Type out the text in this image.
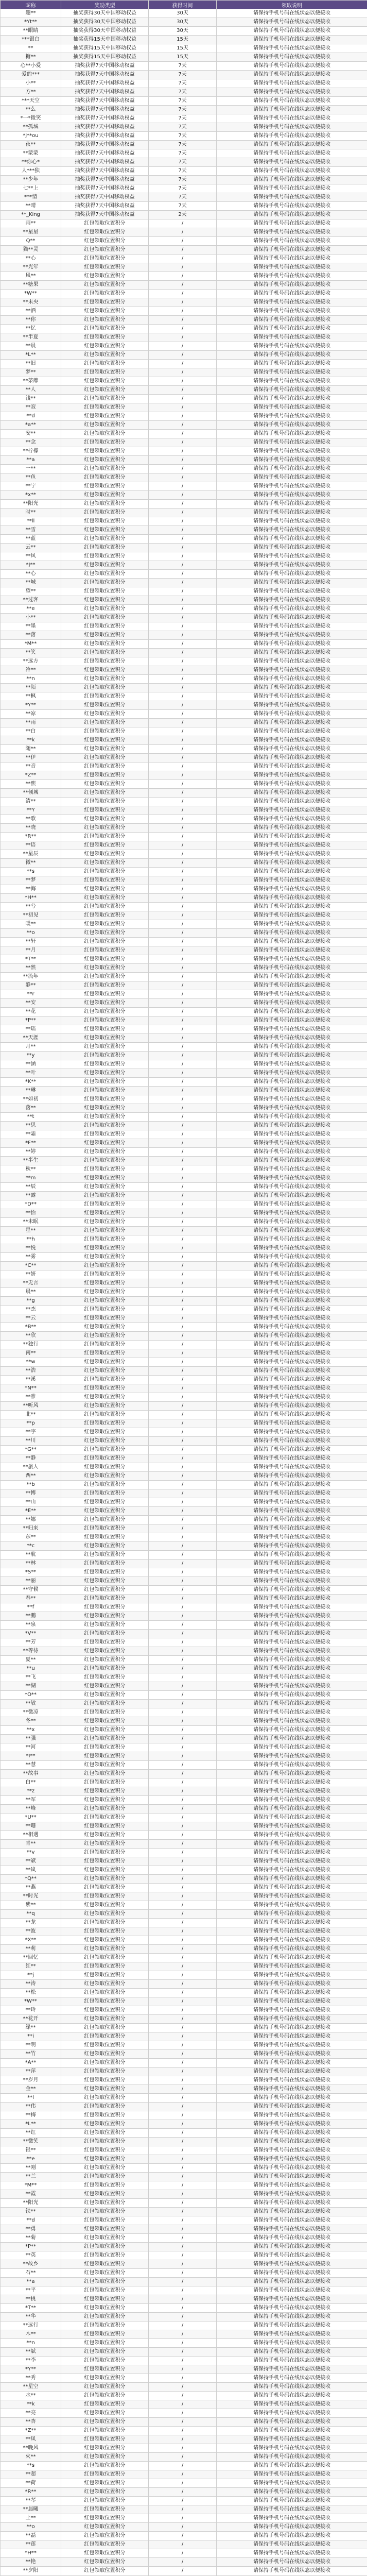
昵称	奖励类型	获得时间	领取说明
趣**	抽奖获得30天中国移动权益	30天	请保持手机号码在线状态以便接收
*Yt**	抽奖获得30天中国移动权益	30天	请保持手机号码在线状态以便接收
**眼睛	抽奖获得30天中国移动权益	30天	请保持手机号码在线状态以便接收
***银白	抽奖获得15天中国移动权益	15天	请保持手机号码在线状态以便接收
**	抽奖获得15天中国移动权益	15天	请保持手机号码在线状态以便接收
糖**	抽奖获得15天中国移动权益	15天	请保持手机号码在线状态以便接收
心**小爱	抽奖获得7天中国移动权益	7天	请保持手机号码在线状态以便接收
爱的***	抽奖获得7天中国移动权益	7天	请保持手机号码在线状态以便接收
小**	抽奖获得7天中国移动权益	7天	请保持手机号码在线状态以便接收
方**	抽奖获得7天中国移动权益	7天	请保持手机号码在线状态以便接收
***天空	抽奖获得7天中国移动权益	7天	请保持手机号码在线状态以便接收
**么	抽奖获得7天中国移动权益	7天	请保持手机号码在线状态以便接收
*一*微笑	抽奖获得7天中国移动权益	7天	请保持手机号码在线状态以便接收
**孤城	抽奖获得7天中国移动权益	7天	请保持手机号码在线状态以便接收
*j**ou	抽奖获得7天中国移动权益	7天	请保持手机号码在线状态以便接收
夜**	抽奖获得7天中国移动权益	7天	请保持手机号码在线状态以便接收
**蒙蒙	抽奖获得7天中国移动权益	7天	请保持手机号码在线状态以便接收
**你心*	抽奖获得7天中国移动权益	7天	请保持手机号码在线状态以便接收
人***独	抽奖获得7天中国移动权益	7天	请保持手机号码在线状态以便接收
**少年	抽奖获得7天中国移动权益	7天	请保持手机号码在线状态以便接收
七**上	抽奖获得7天中国移动权益	7天	请保持手机号码在线状态以便接收
***情	抽奖获得7天中国移动权益	7天	请保持手机号码在线状态以便接收
**晴	抽奖获得7天中国移动权益	7天	请保持手机号码在线状态以便接收
**_King	抽奖获得7天中国移动权益	2天	请保持手机号码在线状态以便接收
雨**	红包领取位置积分	/	请保持手机号码在线状态以便接收
**星星	红包领取位置积分	/	请保持手机号码在线状态以便接收
Q**	红包领取位置积分	/	请保持手机号码在线状态以便接收
猫**灵	红包领取位置积分	/	请保持手机号码在线状态以便接收
**心	红包领取位置积分	/	请保持手机号码在线状态以便接收
**光年	红包领取位置积分	/	请保持手机号码在线状态以便接收
风**	红包领取位置积分	/	请保持手机号码在线状态以便接收
**糖果	红包领取位置积分	/	请保持手机号码在线状态以便接收
*W**	红包领取位置积分	/	请保持手机号码在线状态以便接收
**未央	红包领取位置积分	/	请保持手机号码在线状态以便接收
**酒	红包领取位置积分	/	请保持手机号码在线状态以便接收
**你	红包领取位置积分	/	请保持手机号码在线状态以便接收
**忆	红包领取位置积分	/	请保持手机号码在线状态以便接收
**半夏	红包领取位置积分	/	请保持手机号码在线状态以便接收
**晨	红包领取位置积分	/	请保持手机号码在线状态以便接收
*L**	红包领取位置积分	/	请保持手机号码在线状态以便接收
**旧	红包领取位置积分	/	请保持手机号码在线状态以便接收
梦**	红包领取位置积分	/	请保持手机号码在线状态以便接收
**荼蘼	红包领取位置积分	/	请保持手机号码在线状态以便接收
**人	红包领取位置积分	/	请保持手机号码在线状态以便接收
浅**	红包领取位置积分	/	请保持手机号码在线状态以便接收
**寂	红包领取位置积分	/	请保持手机号码在线状态以便接收
**d	红包领取位置积分	/	请保持手机号码在线状态以便接收
*a**	红包领取位置积分	/	请保持手机号码在线状态以便接收
安**	红包领取位置积分	/	请保持手机号码在线状态以便接收
**念	红包领取位置积分	/	请保持手机号码在线状态以便接收
**柠檬	红包领取位置积分	/	请保持手机号码在线状态以便接收
**a	红包领取位置积分	/	请保持手机号码在线状态以便接收
一**	红包领取位置积分	/	请保持手机号码在线状态以便接收
**鱼	红包领取位置积分	/	请保持手机号码在线状态以便接收
**宁	红包领取位置积分	/	请保持手机号码在线状态以便接收
*x**	红包领取位置积分	/	请保持手机号码在线状态以便接收
**阳光	红包领取位置积分	/	请保持手机号码在线状态以便接收
时**	红包领取位置积分	/	请保持手机号码在线状态以便接收
**ll	红包领取位置积分	/	请保持手机号码在线状态以便接收
**雪	红包领取位置积分	/	请保持手机号码在线状态以便接收
**蓝	红包领取位置积分	/	请保持手机号码在线状态以便接收
云**	红包领取位置积分	/	请保持手机号码在线状态以便接收
**风	红包领取位置积分	/	请保持手机号码在线状态以便接收
*J**	红包领取位置积分	/	请保持手机号码在线状态以便接收
**心	红包领取位置积分	/	请保持手机号码在线状态以便接收
**城	红包领取位置积分	/	请保持手机号码在线状态以便接收
望**	红包领取位置积分	/	请保持手机号码在线状态以便接收
**过客	红包领取位置积分	/	请保持手机号码在线状态以便接收
**e	红包领取位置积分	/	请保持手机号码在线状态以便接收
小**	红包领取位置积分	/	请保持手机号码在线状态以便接收
**墨	红包领取位置积分	/	请保持手机号码在线状态以便接收
**落	红包领取位置积分	/	请保持手机号码在线状态以便接收
*M**	红包领取位置积分	/	请保持手机号码在线状态以便接收
**笑	红包领取位置积分	/	请保持手机号码在线状态以便接收
**远方	红包领取位置积分	/	请保持手机号码在线状态以便接收
冷**	红包领取位置积分	/	请保持手机号码在线状态以便接收
**n	红包领取位置积分	/	请保持手机号码在线状态以便接收
**陌	红包领取位置积分	/	请保持手机号码在线状态以便接收
**枫	红包领取位置积分	/	请保持手机号码在线状态以便接收
*Y**	红包领取位置积分	/	请保持手机号码在线状态以便接收
**凉	红包领取位置积分	/	请保持手机号码在线状态以便接收
**雨	红包领取位置积分	/	请保持手机号码在线状态以便接收
**白	红包领取位置积分	/	请保持手机号码在线状态以便接收
**k	红包领取位置积分	/	请保持手机号码在线状态以便接收
随**	红包领取位置积分	/	请保持手机号码在线状态以便接收
**伊	红包领取位置积分	/	请保持手机号码在线状态以便接收
**音	红包领取位置积分	/	请保持手机号码在线状态以便接收
*Z**	红包领取位置积分	/	请保持手机号码在线状态以便接收
**熙	红包领取位置积分	/	请保持手机号码在线状态以便接收
**倾城	红包领取位置积分	/	请保持手机号码在线状态以便接收
清**	红包领取位置积分	/	请保持手机号码在线状态以便接收
**Y	红包领取位置积分	/	请保持手机号码在线状态以便接收
**歌	红包领取位置积分	/	请保持手机号码在线状态以便接收
**晓	红包领取位置积分	/	请保持手机号码在线状态以便接收
*R**	红包领取位置积分	/	请保持手机号码在线状态以便接收
**语	红包领取位置积分	/	请保持手机号码在线状态以便接收
**星辰	红包领取位置积分	/	请保持手机号码在线状态以便接收
微**	红包领取位置积分	/	请保持手机号码在线状态以便接收
**s	红包领取位置积分	/	请保持手机号码在线状态以便接收
**梦	红包领取位置积分	/	请保持手机号码在线状态以便接收
**海	红包领取位置积分	/	请保持手机号码在线状态以便接收
*H**	红包领取位置积分	/	请保持手机号码在线状态以便接收
**兮	红包领取位置积分	/	请保持手机号码在线状态以便接收
**初见	红包领取位置积分	/	请保持手机号码在线状态以便接收
暖**	红包领取位置积分	/	请保持手机号码在线状态以便接收
**o	红包领取位置积分	/	请保持手机号码在线状态以便接收
**轩	红包领取位置积分	/	请保持手机号码在线状态以便接收
**月	红包领取位置积分	/	请保持手机号码在线状态以便接收
*T**	红包领取位置积分	/	请保持手机号码在线状态以便接收
**然	红包领取位置积分	/	请保持手机号码在线状态以便接收
**流年	红包领取位置积分	/	请保持手机号码在线状态以便接收
静**	红包领取位置积分	/	请保持手机号码在线状态以便接收
**r	红包领取位置积分	/	请保持手机号码在线状态以便接收
**安	红包领取位置积分	/	请保持手机号码在线状态以便接收
**花	红包领取位置积分	/	请保持手机号码在线状态以便接收
*P**	红包领取位置积分	/	请保持手机号码在线状态以便接收
**瑶	红包领取位置积分	/	请保持手机号码在线状态以便接收
**天涯	红包领取位置积分	/	请保持手机号码在线状态以便接收
月**	红包领取位置积分	/	请保持手机号码在线状态以便接收
**y	红包领取位置积分	/	请保持手机号码在线状态以便接收
**涵	红包领取位置积分	/	请保持手机号码在线状态以便接收
**叶	红包领取位置积分	/	请保持手机号码在线状态以便接收
*K**	红包领取位置积分	/	请保持手机号码在线状态以便接收
**琳	红包领取位置积分	/	请保持手机号码在线状态以便接收
**如初	红包领取位置积分	/	请保持手机号码在线状态以便接收
落**	红包领取位置积分	/	请保持手机号码在线状态以便接收
**t	红包领取位置积分	/	请保持手机号码在线状态以便接收
**思	红包领取位置积分	/	请保持手机号码在线状态以便接收
**霜	红包领取位置积分	/	请保持手机号码在线状态以便接收
*F**	红包领取位置积分	/	请保持手机号码在线状态以便接收
**婷	红包领取位置积分	/	请保持手机号码在线状态以便接收
**半生	红包领取位置积分	/	请保持手机号码在线状态以便接收
秋**	红包领取位置积分	/	请保持手机号码在线状态以便接收
**m	红包领取位置积分	/	请保持手机号码在线状态以便接收
**辰	红包领取位置积分	/	请保持手机号码在线状态以便接收
**露	红包领取位置积分	/	请保持手机号码在线状态以便接收
*D**	红包领取位置积分	/	请保持手机号码在线状态以便接收
**怡	红包领取位置积分	/	请保持手机号码在线状态以便接收
**未眠	红包领取位置积分	/	请保持手机号码在线状态以便接收
星**	红包领取位置积分	/	请保持手机号码在线状态以便接收
**h	红包领取位置积分	/	请保持手机号码在线状态以便接收
**悦	红包领取位置积分	/	请保持手机号码在线状态以便接收
**雾	红包领取位置积分	/	请保持手机号码在线状态以便接收
*C**	红包领取位置积分	/	请保持手机号码在线状态以便接收
**妍	红包领取位置积分	/	请保持手机号码在线状态以便接收
**无言	红包领取位置积分	/	请保持手机号码在线状态以便接收
晨**	红包领取位置积分	/	请保持手机号码在线状态以便接收
**g	红包领取位置积分	/	请保持手机号码在线状态以便接收
**杰	红包领取位置积分	/	请保持手机号码在线状态以便接收
**云	红包领取位置积分	/	请保持手机号码在线状态以便接收
*B**	红包领取位置积分	/	请保持手机号码在线状态以便接收
**欣	红包领取位置积分	/	请保持手机号码在线状态以便接收
**独行	红包领取位置积分	/	请保持手机号码在线状态以便接收
南**	红包领取位置积分	/	请保持手机号码在线状态以便接收
**w	红包领取位置积分	/	请保持手机号码在线状态以便接收
**浩	红包领取位置积分	/	请保持手机号码在线状态以便接收
**溪	红包领取位置积分	/	请保持手机号码在线状态以便接收
*N**	红包领取位置积分	/	请保持手机号码在线状态以便接收
**雅	红包领取位置积分	/	请保持手机号码在线状态以便接收
**听风	红包领取位置积分	/	请保持手机号码在线状态以便接收
北**	红包领取位置积分	/	请保持手机号码在线状态以便接收
**p	红包领取位置积分	/	请保持手机号码在线状态以便接收
**宇	红包领取位置积分	/	请保持手机号码在线状态以便接收
**川	红包领取位置积分	/	请保持手机号码在线状态以便接收
*G**	红包领取位置积分	/	请保持手机号码在线状态以便接收
**静	红包领取位置积分	/	请保持手机号码在线状态以便接收
**旅人	红包领取位置积分	/	请保持手机号码在线状态以便接收
西**	红包领取位置积分	/	请保持手机号码在线状态以便接收
**b	红包领取位置积分	/	请保持手机号码在线状态以便接收
**博	红包领取位置积分	/	请保持手机号码在线状态以便接收
**山	红包领取位置积分	/	请保持手机号码在线状态以便接收
*E**	红包领取位置积分	/	请保持手机号码在线状态以便接收
**娜	红包领取位置积分	/	请保持手机号码在线状态以便接收
**归来	红包领取位置积分	/	请保持手机号码在线状态以便接收
东**	红包领取位置积分	/	请保持手机号码在线状态以便接收
**c	红包领取位置积分	/	请保持手机号码在线状态以便接收
**航	红包领取位置积分	/	请保持手机号码在线状态以便接收
**林	红包领取位置积分	/	请保持手机号码在线状态以便接收
*S**	红包领取位置积分	/	请保持手机号码在线状态以便接收
**丽	红包领取位置积分	/	请保持手机号码在线状态以便接收
**守候	红包领取位置积分	/	请保持手机号码在线状态以便接收
春**	红包领取位置积分	/	请保持手机号码在线状态以便接收
**f	红包领取位置积分	/	请保持手机号码在线状态以便接收
**鹏	红包领取位置积分	/	请保持手机号码在线状态以便接收
**泉	红包领取位置积分	/	请保持手机号码在线状态以便接收
*V**	红包领取位置积分	/	请保持手机号码在线状态以便接收
**芳	红包领取位置积分	/	请保持手机号码在线状态以便接收
**等待	红包领取位置积分	/	请保持手机号码在线状态以便接收
夏**	红包领取位置积分	/	请保持手机号码在线状态以便接收
**u	红包领取位置积分	/	请保持手机号码在线状态以便接收
**飞	红包领取位置积分	/	请保持手机号码在线状态以便接收
**湖	红包领取位置积分	/	请保持手机号码在线状态以便接收
*O**	红包领取位置积分	/	请保持手机号码在线状态以便接收
**敏	红包领取位置积分	/	请保持手机号码在线状态以便接收
**微凉	红包领取位置积分	/	请保持手机号码在线状态以便接收
冬**	红包领取位置积分	/	请保持手机号码在线状态以便接收
**x	红包领取位置积分	/	请保持手机号码在线状态以便接收
**强	红包领取位置积分	/	请保持手机号码在线状态以便接收
**河	红包领取位置积分	/	请保持手机号码在线状态以便接收
*I**	红包领取位置积分	/	请保持手机号码在线状态以便接收
**慧	红包领取位置积分	/	请保持手机号码在线状态以便接收
**故事	红包领取位置积分	/	请保持手机号码在线状态以便接收
白**	红包领取位置积分	/	请保持手机号码在线状态以便接收
**z	红包领取位置积分	/	请保持手机号码在线状态以便接收
**军	红包领取位置积分	/	请保持手机号码在线状态以便接收
**峰	红包领取位置积分	/	请保持手机号码在线状态以便接收
*U**	红包领取位置积分	/	请保持手机号码在线状态以便接收
**珊	红包领取位置积分	/	请保持手机号码在线状态以便接收
**相遇	红包领取位置积分	/	请保持手机号码在线状态以便接收
青**	红包领取位置积分	/	请保持手机号码在线状态以便接收
**v	红包领取位置积分	/	请保持手机号码在线状态以便接收
**斌	红包领取位置积分	/	请保持手机号码在线状态以便接收
**岚	红包领取位置积分	/	请保持手机号码在线状态以便接收
*Q**	红包领取位置积分	/	请保持手机号码在线状态以便接收
**燕	红包领取位置积分	/	请保持手机号码在线状态以便接收
**时光	红包领取位置积分	/	请保持手机号码在线状态以便接收
紫**	红包领取位置积分	/	请保持手机号码在线状态以便接收
**q	红包领取位置积分	/	请保持手机号码在线状态以便接收
**龙	红包领取位置积分	/	请保持手机号码在线状态以便接收
**波	红包领取位置积分	/	请保持手机号码在线状态以便接收
*X**	红包领取位置积分	/	请保持手机号码在线状态以便接收
**莉	红包领取位置积分	/	请保持手机号码在线状态以便接收
**回忆	红包领取位置积分	/	请保持手机号码在线状态以便接收
红**	红包领取位置积分	/	请保持手机号码在线状态以便接收
**j	红包领取位置积分	/	请保持手机号码在线状态以便接收
**涛	红包领取位置积分	/	请保持手机号码在线状态以便接收
**松	红包领取位置积分	/	请保持手机号码在线状态以便接收
*W**	红包领取位置积分	/	请保持手机号码在线状态以便接收
**玲	红包领取位置积分	/	请保持手机号码在线状态以便接收
**花开	红包领取位置积分	/	请保持手机号码在线状态以便接收
绿**	红包领取位置积分	/	请保持手机号码在线状态以便接收
**i	红包领取位置积分	/	请保持手机号码在线状态以便接收
**明	红包领取位置积分	/	请保持手机号码在线状态以便接收
**竹	红包领取位置积分	/	请保持手机号码在线状态以便接收
*A**	红包领取位置积分	/	请保持手机号码在线状态以便接收
**萍	红包领取位置积分	/	请保持手机号码在线状态以便接收
**岁月	红包领取位置积分	/	请保持手机号码在线状态以便接收
金**	红包领取位置积分	/	请保持手机号码在线状态以便接收
**l	红包领取位置积分	/	请保持手机号码在线状态以便接收
**伟	红包领取位置积分	/	请保持手机号码在线状态以便接收
**梅	红包领取位置积分	/	请保持手机号码在线状态以便接收
*L**	红包领取位置积分	/	请保持手机号码在线状态以便接收
**红	红包领取位置积分	/	请保持手机号码在线状态以便接收
**微笑	红包领取位置积分	/	请保持手机号码在线状态以便接收
银**	红包领取位置积分	/	请保持手机号码在线状态以便接收
**e	红包领取位置积分	/	请保持手机号码在线状态以便接收
**刚	红包领取位置积分	/	请保持手机号码在线状态以便接收
**兰	红包领取位置积分	/	请保持手机号码在线状态以便接收
*M**	红包领取位置积分	/	请保持手机号码在线状态以便接收
**霞	红包领取位置积分	/	请保持手机号码在线状态以便接收
**阳光	红包领取位置积分	/	请保持手机号码在线状态以便接收
铁**	红包领取位置积分	/	请保持手机号码在线状态以便接收
**d	红包领取位置积分	/	请保持手机号码在线状态以便接收
**勇	红包领取位置积分	/	请保持手机号码在线状态以便接收
**菊	红包领取位置积分	/	请保持手机号码在线状态以便接收
*P**	红包领取位置积分	/	请保持手机号码在线状态以便接收
**英	红包领取位置积分	/	请保持手机号码在线状态以便接收
**故乡	红包领取位置积分	/	请保持手机号码在线状态以便接收
石**	红包领取位置积分	/	请保持手机号码在线状态以便接收
**a	红包领取位置积分	/	请保持手机号码在线状态以便接收
**平	红包领取位置积分	/	请保持手机号码在线状态以便接收
**桃	红包领取位置积分	/	请保持手机号码在线状态以便接收
*T**	红包领取位置积分	/	请保持手机号码在线状态以便接收
**华	红包领取位置积分	/	请保持手机号码在线状态以便接收
**远行	红包领取位置积分	/	请保持手机号码在线状态以便接收
木**	红包领取位置积分	/	请保持手机号码在线状态以便接收
**n	红包领取位置积分	/	请保持手机号码在线状态以便接收
**斌	红包领取位置积分	/	请保持手机号码在线状态以便接收
**李	红包领取位置积分	/	请保持手机号码在线状态以便接收
*Y**	红包领取位置积分	/	请保持手机号码在线状态以便接收
**秀	红包领取位置积分	/	请保持手机号码在线状态以便接收
**星空	红包领取位置积分	/	请保持手机号码在线状态以便接收
水**	红包领取位置积分	/	请保持手机号码在线状态以便接收
**k	红包领取位置积分	/	请保持手机号码在线状态以便接收
**亮	红包领取位置积分	/	请保持手机号码在线状态以便接收
**杏	红包领取位置积分	/	请保持手机号码在线状态以便接收
*Z**	红包领取位置积分	/	请保持手机号码在线状态以便接收
**凤	红包领取位置积分	/	请保持手机号码在线状态以便接收
**晚风	红包领取位置积分	/	请保持手机号码在线状态以便接收
火**	红包领取位置积分	/	请保持手机号码在线状态以便接收
**s	红包领取位置积分	/	请保持手机号码在线状态以便接收
**超	红包领取位置积分	/	请保持手机号码在线状态以便接收
**荷	红包领取位置积分	/	请保持手机号码在线状态以便接收
*R**	红包领取位置积分	/	请保持手机号码在线状态以便接收
**琴	红包领取位置积分	/	请保持手机号码在线状态以便接收
**晨曦	红包领取位置积分	/	请保持手机号码在线状态以便接收
土**	红包领取位置积分	/	请保持手机号码在线状态以便接收
**o	红包领取位置积分	/	请保持手机号码在线状态以便接收
**磊	红包领取位置积分	/	请保持手机号码在线状态以便接收
**莲	红包领取位置积分	/	请保持手机号码在线状态以便接收
*H**	红包领取位置积分	/	请保持手机号码在线状态以便接收
**艳	红包领取位置积分	/	请保持手机号码在线状态以便接收
**夕阳	红包领取位置积分	/	请保持手机号码在线状态以便接收
